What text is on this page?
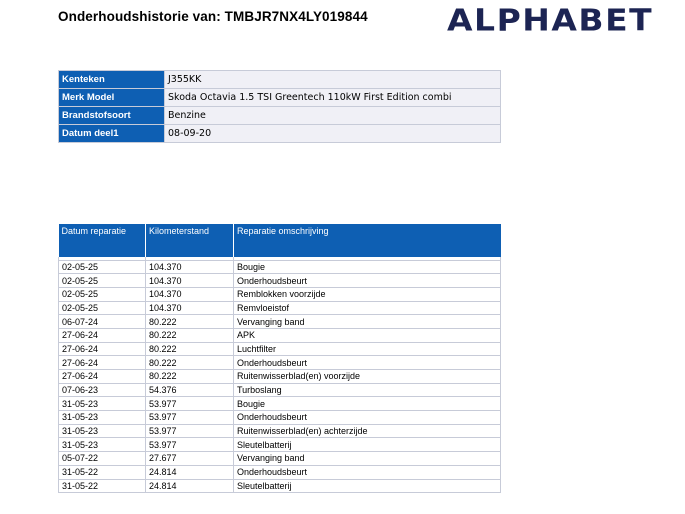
Onderhoudshistorie van: TMBJR7NX4LY019844 ALPHABET
Kenteken	J355KK
Merk Model	Skoda Octavia 1.5 TSI Greentech 110kW First Edition combi
Brandstofsoort	Benzine
Datum deel1	08-09-20
Datum reparatie	Kilometerstand	Reparatie omschrijving

02-05-25	104.370	Bougie
02-05-25	104.370	Onderhoudsbeurt
02-05-25	104.370	Remblokken voorzijde
02-05-25	104.370	Remvloeistof
06-07-24	80.222	Vervanging band
27-06-24	80.222	APK
27-06-24	80.222	Luchtfilter
27-06-24	80.222	Onderhoudsbeurt
27-06-24	80.222	Ruitenwisserblad(en) voorzijde
07-06-23	54.376	Turboslang
31-05-23	53.977	Bougie
31-05-23	53.977	Onderhoudsbeurt
31-05-23	53.977	Ruitenwisserblad(en) achterzijde
31-05-23	53.977	Sleutelbatterij
05-07-22	27.677	Vervanging band
31-05-22	24.814	Onderhoudsbeurt
31-05-22	24.814	Sleutelbatterij
